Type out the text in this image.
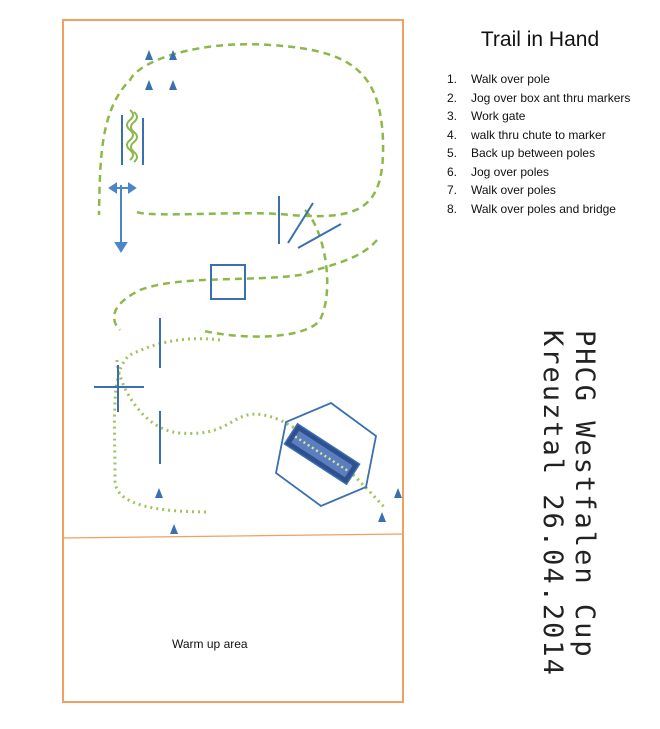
Trail in Hand
1. Walk over pole
2. Jog over box ant thru markers
3. Work gate
4. walk thru chute to marker
5. Back up between poles
6. Jog over poles
7. Walk over poles
8. Walk over poles and bridge
Warm up area	PHCG Westfalen Cup
Kreuztal 26.04.2014
